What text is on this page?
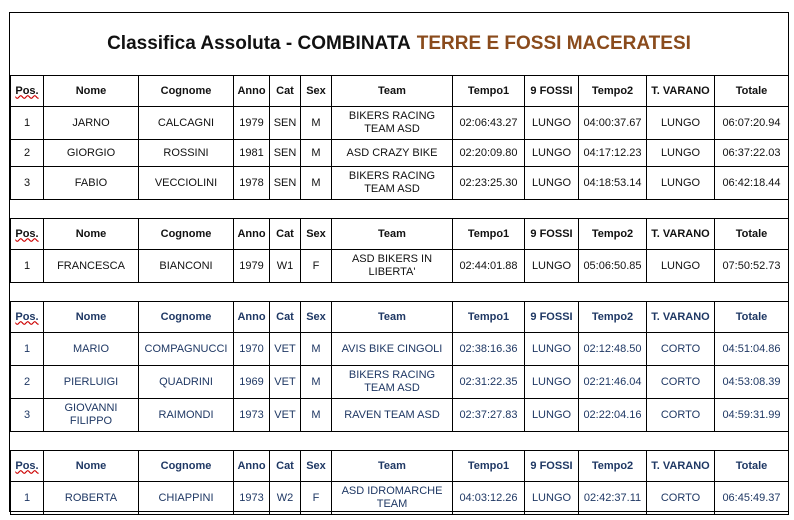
Classifica Assoluta - COMBINATA TERRE E FOSSI MACERATESI
Pos.	Nome	Cognome	Anno	Cat	Sex	Team	Tempo1	9 FOSSI	Tempo2	T. VARANO	Totale
1	JARNO	CALCAGNI	1979	SEN	M	BIKERS RACING TEAM ASD	02:06:43.27	LUNGO	04:00:37.67	LUNGO	06:07:20.94
2	GIORGIO	ROSSINI	1981	SEN	M	ASD CRAZY BIKE	02:20:09.80	LUNGO	04:17:12.23	LUNGO	06:37:22.03
3	FABIO	VECCIOLINI	1978	SEN	M	BIKERS RACING TEAM ASD	02:23:25.30	LUNGO	04:18:53.14	LUNGO	06:42:18.44

Pos.	Nome	Cognome	Anno	Cat	Sex	Team	Tempo1	9 FOSSI	Tempo2	T. VARANO	Totale
1	FRANCESCA	BIANCONI	1979	W1	F	ASD BIKERS IN LIBERTA'	02:44:01.88	LUNGO	05:06:50.85	LUNGO	07:50:52.73

Pos.	Nome	Cognome	Anno	Cat	Sex	Team	Tempo1	9 FOSSI	Tempo2	T. VARANO	Totale
1	MARIO	COMPAGNUCCI	1970	VET	M	AVIS BIKE CINGOLI	02:38:16.36	LUNGO	02:12:48.50	CORTO	04:51:04.86
2	PIERLUIGI	QUADRINI	1969	VET	M	BIKERS RACING TEAM ASD	02:31:22.35	LUNGO	02:21:46.04	CORTO	04:53:08.39
3	GIOVANNI FILIPPO	RAIMONDI	1973	VET	M	RAVEN TEAM ASD	02:37:27.83	LUNGO	02:22:04.16	CORTO	04:59:31.99

Pos.	Nome	Cognome	Anno	Cat	Sex	Team	Tempo1	9 FOSSI	Tempo2	T. VARANO	Totale
1	ROBERTA	CHIAPPINI	1973	W2	F	ASD IDROMARCHE TEAM	04:03:12.26	LUNGO	02:42:37.11	CORTO	06:45:49.37
